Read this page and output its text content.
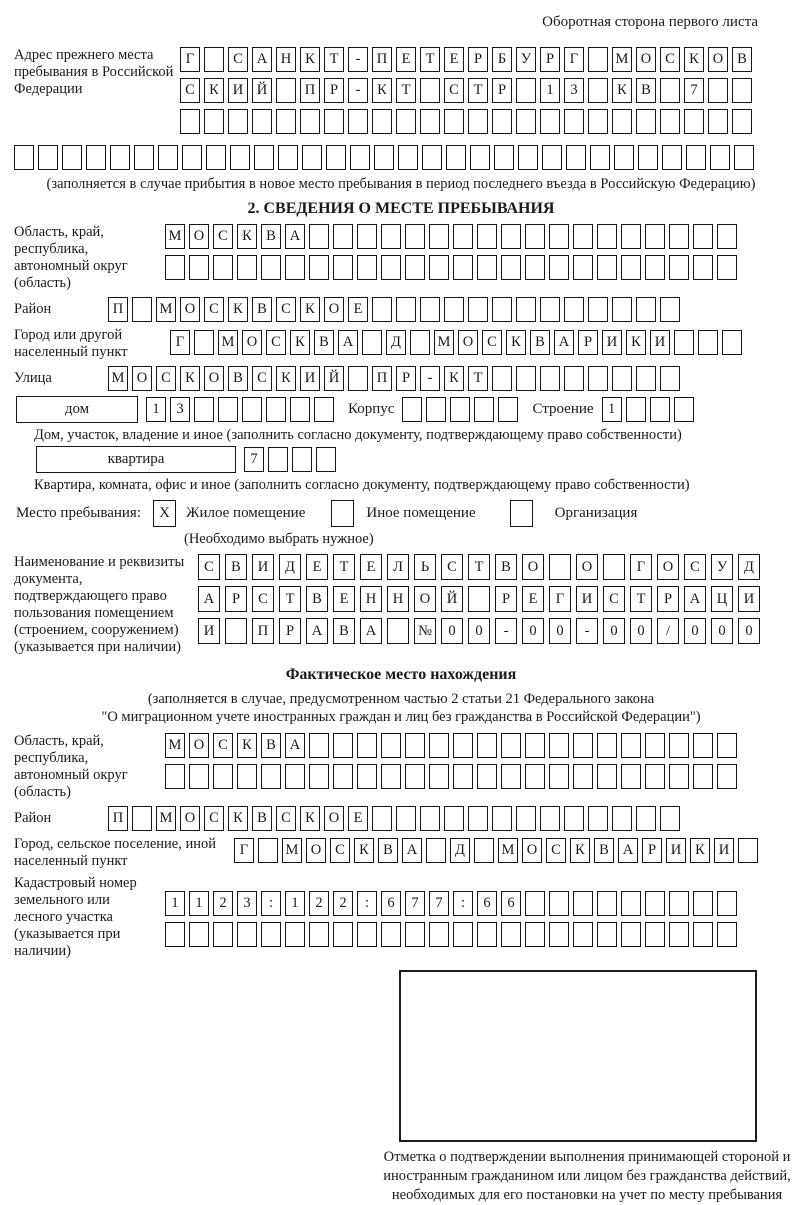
Оборотная сторона первого листа
Адрес прежнего места пребывания в Российской Федерации
Г	С А Н К	Т	-	П Е	Т	Е	Р	Б	У	Р	Г	М О С К О В
С К И Й	П	Р	-	К	Т	С	Т	Р	1	3	К В	7
(заполняется в случае прибытия в новое место пребывания в период последнего въезда в Российскую Федерацию)
2. СВЕДЕНИЯ О МЕСТЕ ПРЕБЫВАНИЯ
Область, край, республика, автономный округ (область)
М О С К В А
Район	П	М О С К В С К О Е
Город или другой населенный пункт
Г	М О С К В А	Д	М О С К В А	Р	И К И
Улица	М О С К О В С К И Й	П	Р	-	К	Т
дом	1	3	Корпус	Строение 1
Дом, участок, владение и иное (заполнить согласно документу, подтверждающему право собственности)
квартира	7
Квартира, комната, офис и иное (заполнить согласно документу, подтверждающему право собственности)
Место пребывания:	X	Жилое помещение	Иное помещение	Организация
(Необходимо выбрать нужное)
Наименование и реквизиты документа, подтверждающего право пользования помещением (строением, сооружением) (указывается при наличии)
С	В	И	Д	Е	Т	Е	Л	Ь	С	Т	В	О	О	Г	О	С	У	Д
А	Р	С	Т	В	Е	Н	Н	О	Й	Р	Е	Г	И	С	Т	Р	А	Ц	И
И	П	Р	А	В	А	№	0	0	-	0	0	-	0	0	/	0	0	0
Фактическое место нахождения
(заполняется в случае, предусмотренном частью 2 статьи 21 Федерального закона
"О миграционном учете иностранных граждан и лиц без гражданства в Российской Федерации")
Область, край, республика, автономный округ (область)
М О С К В А
Район	П	М О С К В С К О Е
Город, сельское поселение, иной населенный пункт
Г	М О С К В А	Д	М О С К В А	Р	И К И
Кадастровый номер земельного или лесного участка (указывается при наличии)
1	1	2	3	:	1	2	2	:	6	7	7	:	6	6
Отметка о подтверждении выполнения принимающей стороной и иностранным гражданином или лицом без гражданства действий, необходимых для его постановки на учет по месту пребывания
